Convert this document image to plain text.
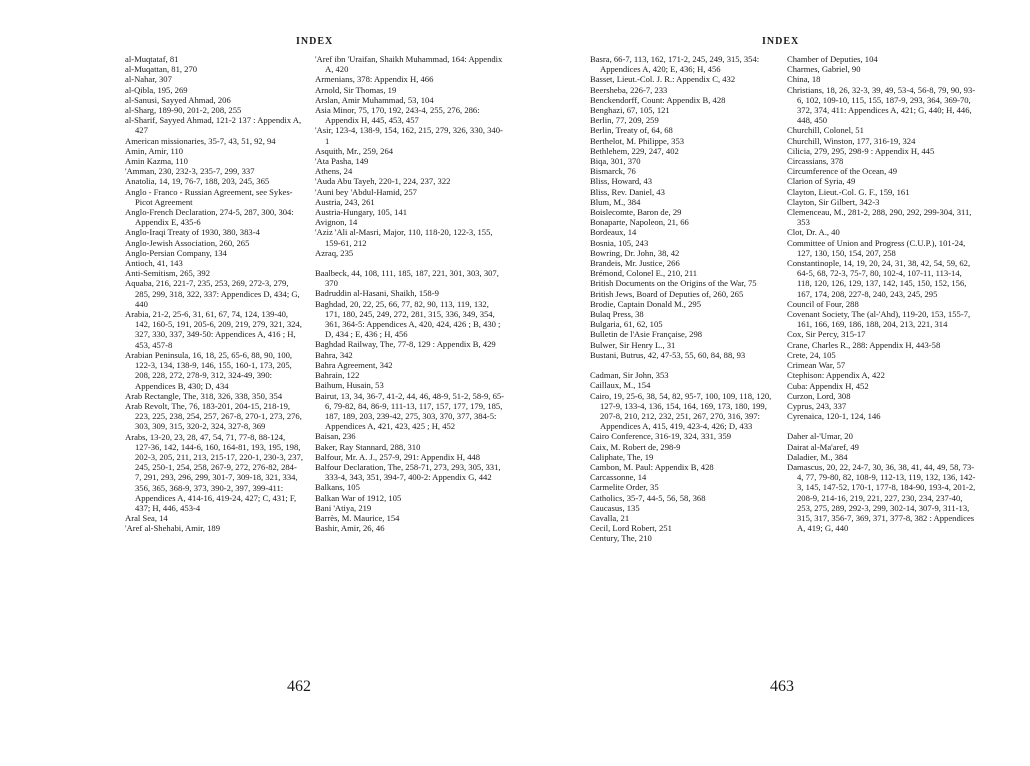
INDEX
al-Muqtataf, 81
al-Muqattan, 81, 270
al-Nahar, 307
al-Qibla, 195, 269
al-Sanusi, Sayyed Ahmad, 206
al-Sharg, 189-90, 201-2, 208, 255
al-Sharif, Sayyed Ahmad, 121-2 137 : Appendix A, 427
American missionaries, 35-7, 43, 51, 92, 94
Amin, Amir, 110
Amin Kazma, 110
'Amman, 230, 232-3, 235-7, 299, 337
Anatolia, 14, 19, 76-7, 188, 203, 245, 365
Anglo - Franco - Russian Agreement, see Sykes-Picot Agreement
Anglo-French Declaration, 274-5, 287, 300, 304: Appendix E, 435-6
Anglo-Iraqi Treaty of 1930, 380, 383-4
Anglo-Jewish Association, 260, 265
Anglo-Persian Company, 134
Antioch, 41, 143
Anti-Semitism, 265, 392
Aquaba, 216, 221-7, 235, 253, 269, 272-3, 279, 285, 299, 318, 322, 337: Appendices D, 434; G, 440
Arabia, 21-2, 25-6, 31, 61, 67, 74, 124, 139-40, 142, 160-5, 191, 205-6, 209, 219, 279, 321, 324, 327, 330, 337, 349-50: Appendices A, 416 ; H, 453, 457-8
Arabian Peninsula, 16, 18, 25, 65-6, 88, 90, 100, 122-3, 134, 138-9, 146, 155, 160-1, 173, 205, 208, 228, 272, 278-9, 312, 324-49, 390: Appendices B, 430; D, 434
Arab Rectangle, The, 318, 326, 338, 350, 354
Arab Revolt, The, 76, 183-201, 204-15, 218-19, 223, 225, 238, 254, 257, 267-8, 270-1, 273, 276, 303, 309, 315, 320-2, 324, 327-8, 369
Arabs, 13-20, 23, 28, 47, 54, 71, 77-8, 88-124, 127-36, 142, 144-6, 160, 164-81, 193, 195, 198, 202-3, 205, 211, 213, 215-17, 220-1, 230-3, 237, 245, 250-1, 254, 258, 267-9, 272, 276-82, 284-7, 291, 293, 296, 299, 301-7, 309-18, 321, 334, 356, 365, 368-9, 373, 390-2, 397, 399-411: Appendices A, 414-16, 419-24, 427; C, 431; F, 437; H, 446, 453-4
Aral Sea, 14
'Aref al-Shehabi, Amir, 189
'Aref ibn 'Uraifan, Shaikh Muhammad, 164: Appendix A, 420
Armenians, 378: Appendix H, 466
Arnold, Sir Thomas, 19
Arslan, Amir Muhammad, 53, 104
Asia Minor, 75, 170, 192, 243-4, 255, 276, 286: Appendix H, 445, 453, 457
'Asir, 123-4, 138-9, 154, 162, 215, 279, 326, 330, 340-1
Asquith, Mr., 259, 264
'Ata Pasha, 149
Athens, 24
'Auda Abu Tayeh, 220-1, 224, 237, 322
'Auni bey 'Abdul-Hamid, 257
Austria, 243, 261
Austria-Hungary, 105, 141
Avignon, 14
'Aziz 'Ali al-Masri, Major, 110, 118-20, 122-3, 155, 159-61, 212
Azraq, 235
Baalbeck, 44, 108, 111, 185, 187, 221, 301, 303, 307, 370
Badruddin al-Hasani, Shaikh, 158-9
Baghdad, 20, 22, 25, 66, 77, 82, 90, 113, 119, 132, 171, 180, 245, 249, 272, 281, 315, 336, 349, 354, 361, 364-5: Appendices A, 420, 424, 426 ; B, 430 ; D, 434 ; E, 436 ; H, 456
Baghdad Railway, The, 77-8, 129 : Appendix B, 429
Bahra, 342
Bahra Agreement, 342
Bahrain, 122
Baihum, Husain, 53
Bairut, 13, 34, 36-7, 41-2, 44, 46, 48-9, 51-2, 58-9, 65-6, 79-82, 84, 86-9, 111-13, 117, 157, 177, 179, 185, 187, 189, 203, 239-42, 275, 303, 370, 377, 384-5: Appendices A, 421, 423, 425 ; H, 452
Baisan, 236
Baker, Ray Stannard, 288, 310
Balfour, Mr. A. J., 257-9, 291: Appendix H, 448
Balfour Declaration, The, 258-71, 273, 293, 305, 331, 333-4, 343, 351, 394-7, 400-2: Appendix G, 442
Balkans, 105
Balkan War of 1912, 105
Bani 'Atiya, 219
Barrès, M. Maurice, 154
Bashir, Amir, 26, 46
462
INDEX
Basra, 66-7, 113, 162, 171-2, 245, 249, 315, 354: Appendices A, 420; E, 436; H, 456
Basset, Lieut.-Col. J. R.: Appendix C, 432
Beersheba, 226-7, 233
Benckendorff, Count: Appendix B, 428
Benghazi, 67, 105, 121
Berlin, 77, 209, 259
Berlin, Treaty of, 64, 68
Berthelot, M. Philippe, 353
Bethlehem, 229, 247, 402
Biqa, 301, 370
Bismarck, 76
Bliss, Howard, 43
Bliss, Rev. Daniel, 43
Blum, M., 384
Boislecomte, Baron de, 29
Bonaparte, Napoleon, 21, 66
Bordeaux, 14
Bosnia, 105, 243
Bowring, Dr. John, 38, 42
Brandeis, Mr. Justice, 266
Brémond, Colonel E., 210, 211
British Documents on the Origins of the War, 75
British Jews, Board of Deputies of, 260, 265
Brodie, Captain Donald M., 295
Bulaq Press, 38
Bulgaria, 61, 62, 105
Bulletin de l'Asie Française, 298
Bulwer, Sir Henry L., 31
Bustani, Butrus, 42, 47-53, 55, 60, 84, 88, 93
Cadman, Sir John, 353
Caillaux, M., 154
Cairo, 19, 25-6, 38, 54, 82, 95-7, 100, 109, 118, 120, 127-9, 133-4, 136, 154, 164, 169, 173, 180, 199, 207-8, 210, 212, 232, 251, 267, 270, 316, 397: Appendices A, 415, 419, 423-4, 426; D, 433
Cairo Conference, 316-19, 324, 331, 359
Caix, M. Robert de, 298-9
Caliphate, The, 19
Cambon, M. Paul: Appendix B, 428
Carcassonne, 14
Carmelite Order, 35
Catholics, 35-7, 44-5, 56, 58, 368
Caucasus, 135
Cavalla, 21
Cecil, Lord Robert, 251
Century, The, 210
Chamber of Deputies, 104
Charmes, Gabriel, 90
China, 18
Christians, 18, 26, 32-3, 39, 49, 53-4, 56-8, 79, 90, 93-6, 102, 109-10, 115, 155, 187-9, 293, 364, 369-70, 372, 374, 411: Appendices A, 421; G, 440; H, 446, 448, 450
Churchill, Colonel, 51
Churchill, Winston, 177, 316-19, 324
Cilicia, 279, 295, 298-9 : Appendix H, 445
Circassians, 378
Circumference of the Ocean, 49
Clarion of Syria, 49
Clayton, Lieut.-Col. G. F., 159, 161
Clayton, Sir Gilbert, 342-3
Clemenceau, M., 281-2, 288, 290, 292, 299-304, 311, 353
Clot, Dr. A., 40
Committee of Union and Progress (C.U.P.), 101-24, 127, 130, 150, 154, 207, 258
Constantinople, 14, 19, 20, 24, 31, 38, 42, 54, 59, 62, 64-5, 68, 72-3, 75-7, 80, 102-4, 107-11, 113-14, 118, 120, 126, 129, 137, 142, 145, 150, 152, 156, 167, 174, 208, 227-8, 240, 243, 245, 295
Council of Four, 288
Covenant Society, The (al-'Ahd), 119-20, 153, 155-7, 161, 166, 169, 186, 188, 204, 213, 221, 314
Cox, Sir Percy, 315-17
Crane, Charles R., 288: Appendix H, 443-58
Crete, 24, 105
Crimean War, 57
Ctephison: Appendix A, 422
Cuba: Appendix H, 452
Curzon, Lord, 308
Cyprus, 243, 337
Cyrenaica, 120-1, 124, 146
Daher al-'Umar, 20
Dairat al-Ma'aref, 49
Daladier, M., 384
Damascus, 20, 22, 24-7, 30, 36, 38, 41, 44, 49, 58, 73-4, 77, 79-80, 82, 108-9, 112-13, 119, 132, 136, 142-3, 145, 147-52, 170-1, 177-8, 184-90, 193-4, 201-2, 208-9, 214-16, 219, 221, 227, 230, 234, 237-40, 253, 275, 289, 292-3, 299, 302-14, 307-9, 311-13, 315, 317, 356-7, 369, 371, 377-8, 382 : Appendices A, 419; G, 440
463
